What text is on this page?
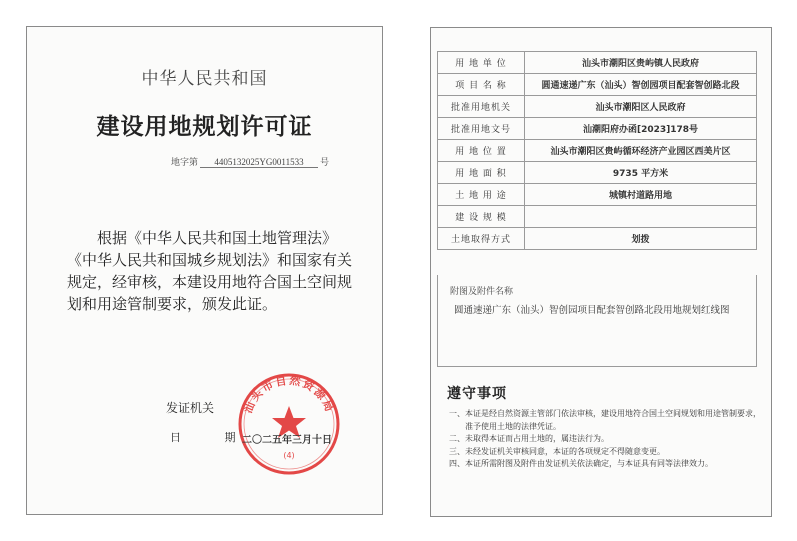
中华人民共和国
建设用地规划许可证
地字第 4405132025YG0011533 号
根据《中华人民共和国土地管理法》《中华人民共和国城乡规划法》和国家有关规定，经审核，本建设用地符合国土空间规划和用途管制要求，颁发此证。
发证机关
日 期
二〇二五年三月十日
汕头市自然资源局
(4)
用 地 单 位	汕头市潮阳区贵屿镇人民政府
项 目 名 称	圆通速递广东（汕头）智创园项目配套智创路北段
批准用地机关	汕头市潮阳区人民政府
批准用地文号	汕潮阳府办函[2023]178号
用 地 位 置	汕头市潮阳区贵屿循环经济产业园区西美片区
用 地 面 积	9735 平方米
土 地 用 途	城镇村道路用地
建 设 规 模	
土地取得方式	划拨
附图及附件名称
圆通速递广东（汕头）智创园项目配套智创路北段用地规划红线图
遵守事项
一、本证是经自然资源主管部门依法审核，建设用地符合国土空间规划和用途管制要求，准予使用土地的法律凭证。
二、未取得本证而占用土地的，属违法行为。
三、未经发证机关审核同意，本证的各项规定不得随意变更。
四、本证所需附图及附件由发证机关依法确定，与本证具有同等法律效力。
